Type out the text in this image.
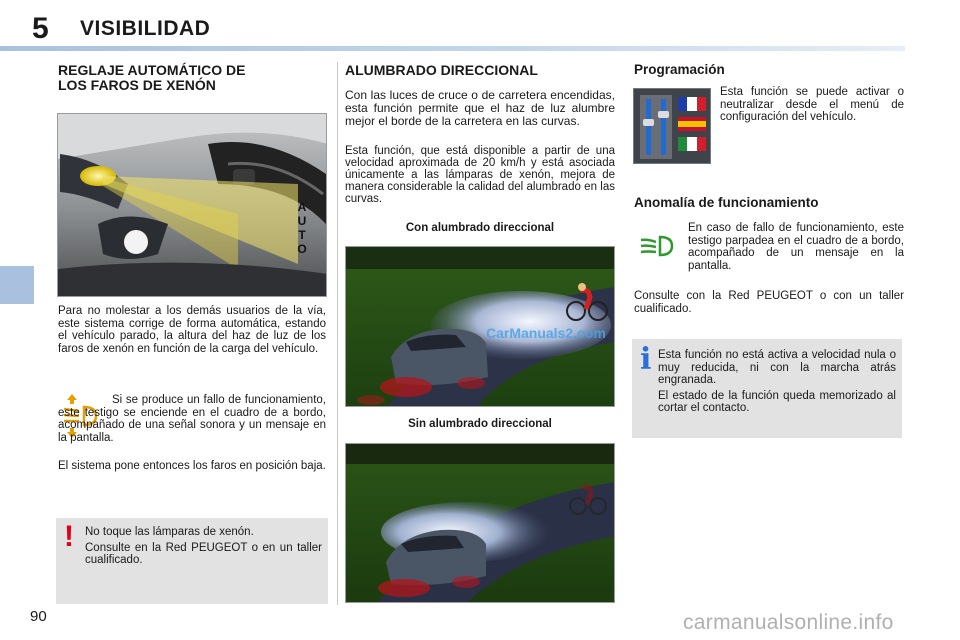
5 VISIBILIDAD
REGLAJE AUTOMÁTICO DE
LOS FAROS DE XENÓN
A
U
T
O
Para no molestar a los demás usuarios de la vía, este sistema corrige de forma automática, estando el vehículo parado, la altura del haz de luz de los faros de xenón en función de la carga del vehículo.
Si se produce un fallo de funcionamiento, este testigo se enciende en el cuadro de a bordo, acompañado de una señal sonora y un mensaje en la pantalla.
El sistema pone entonces los faros en posición baja.
! No toque las lámparas de xenón.

Consulte en la Red PEUGEOT o en un taller cualificado.

ALUMBRADO DIRECCIONAL
Con las luces de cruce o de carretera encendidas, esta función permite que el haz de luz alumbre mejor el borde de la carretera en las curvas.
Esta función, que está disponible a partir de una velocidad aproximada de 20 km/h y está asociada únicamente a las lámparas de xenón, mejora de manera considerable la calidad del alumbrado en las curvas.
Con alumbrado direccional
CarManuals2.com
Sin alumbrado direccional
Programación
Esta función se puede activar o neutralizar desde el menú de configuración del vehículo.
Anomalía de funcionamiento
En caso de fallo de funcionamiento, este testigo parpadea en el cuadro de a bordo, acompañado de un mensaje en la pantalla.
Consulte con la Red PEUGEOT o con un taller cualificado.
i Esta función no está activa a velocidad nula o muy reducida, ni con la marcha atrás engranada.

El estado de la función queda memorizado al cortar el contacto.

90	carmanualsonline.info
